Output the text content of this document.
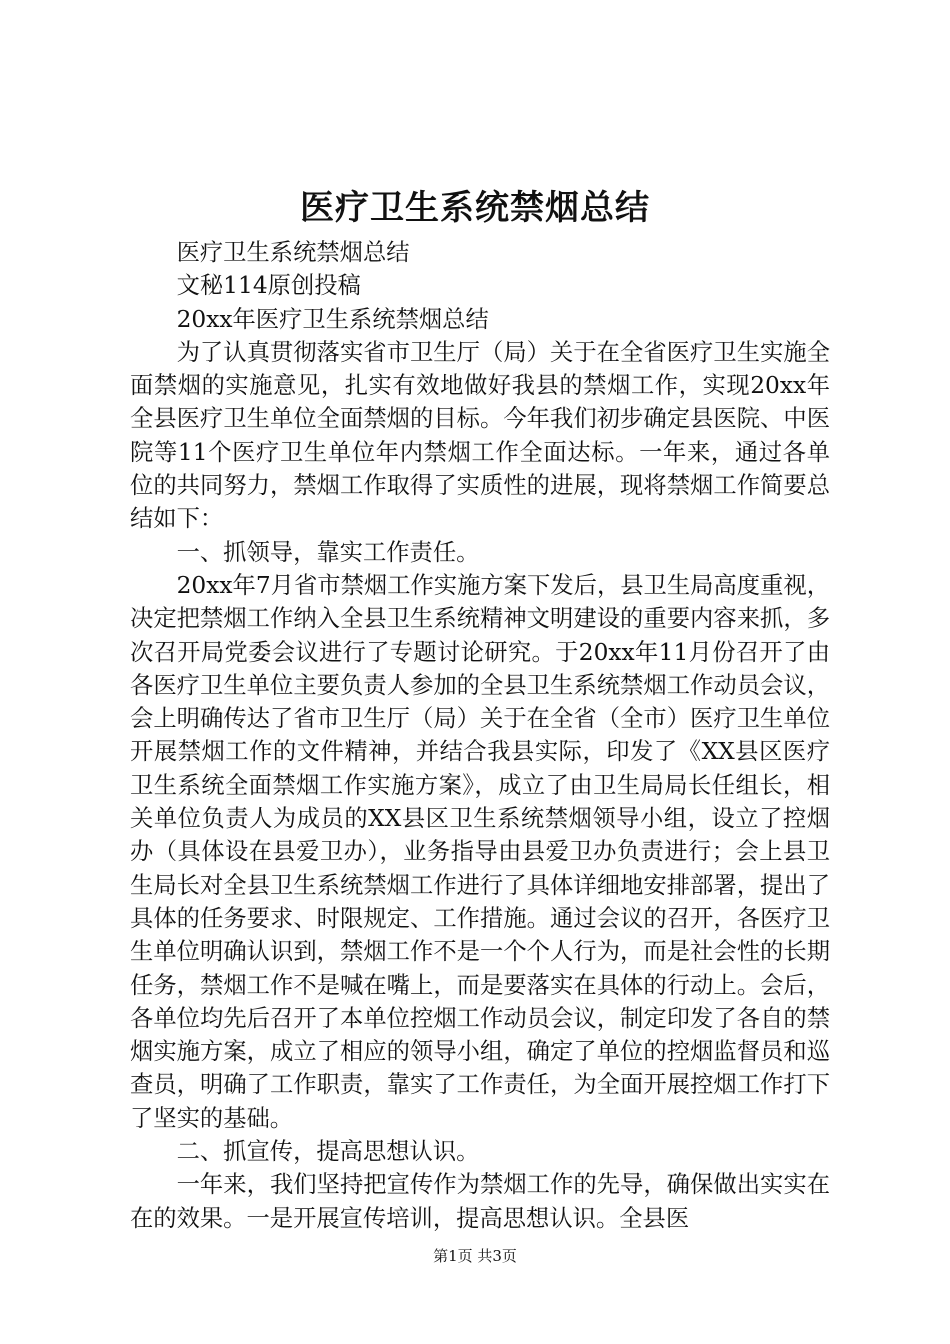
医疗卫生系统禁烟总结

医疗卫生系统禁烟总结

文秘114原创投稿

20xx年医疗卫生系统禁烟总结

为了认真贯彻落实省市卫生厅（局）关于在全省医疗卫生实施全面禁烟的实施意见，扎实有效地做好我县的禁烟工作，实现20xx年全县医疗卫生单位全面禁烟的目标。今年我们初步确定县医院、中医院等11个医疗卫生单位年内禁烟工作全面达标。一年来，通过各单位的共同努力，禁烟工作取得了实质性的进展，现将禁烟工作简要总结如下：

一、抓领导，靠实工作责任。

20xx年7月省市禁烟工作实施方案下发后，县卫生局高度重视，决定把禁烟工作纳入全县卫生系统精神文明建设的重要内容来抓，多次召开局党委会议进行了专题讨论研究。于20xx年11月份召开了由各医疗卫生单位主要负责人参加的全县卫生系统禁烟工作动员会议，会上明确传达了省市卫生厅（局）关于在全省（全市）医疗卫生单位开展禁烟工作的文件精神，并结合我县实际，印发了《XX县区医疗卫生系统全面禁烟工作实施方案》，成立了由卫生局局长任组长，相关单位负责人为成员的XX县区卫生系统禁烟领导小组，设立了控烟办（具体设在县爱卫办），业务指导由县爱卫办负责进行；会上县卫生局长对全县卫生系统禁烟工作进行了具体详细地安排部署，提出了具体的任务要求、时限规定、工作措施。通过会议的召开，各医疗卫生单位明确认识到，禁烟工作不是一个个人行为，而是社会性的长期任务，禁烟工作不是喊在嘴上，而是要落实在具体的行动上。会后，各单位均先后召开了本单位控烟工作动员会议，制定印发了各自的禁烟实施方案，成立了相应的领导小组，确定了单位的控烟监督员和巡查员，明确了工作职责，靠实了工作责任，为全面开展控烟工作打下了坚实的基础。

二、抓宣传，提高思想认识。

一年来，我们坚持把宣传作为禁烟工作的先导，确保做出实实在在的效果。一是开展宣传培训，提高思想认识。全县医

第1页 共3页
